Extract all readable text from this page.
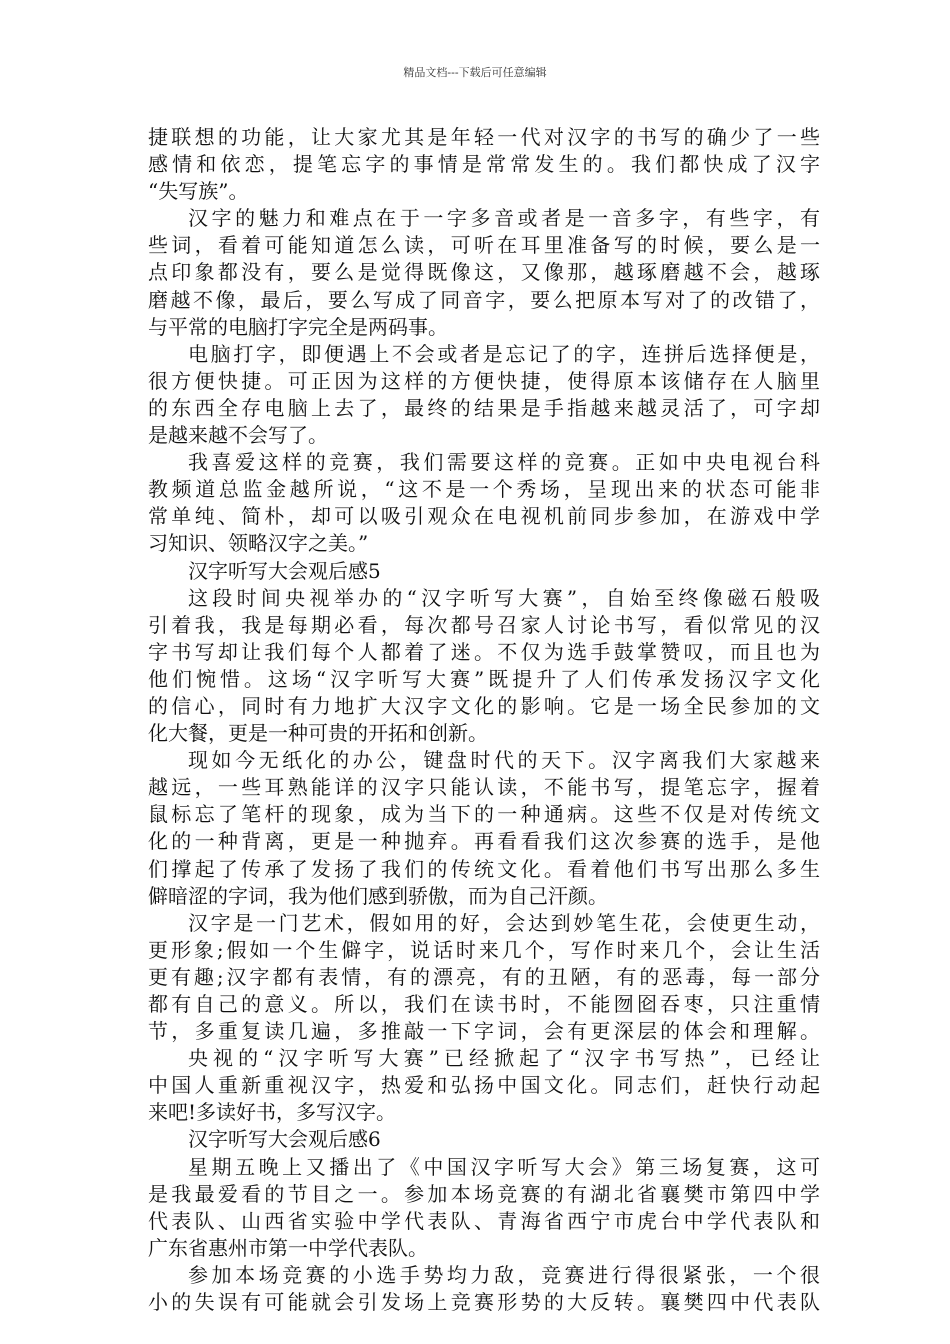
精品文档---下载后可任意编辑
捷联想的功能，让大家尤其是年轻一代对汉字的书写的确少了一些
感情和依恋，提笔忘字的事情是常常发生的。我们都快成了汉字
“失写族”。
汉字的魅力和难点在于一字多音或者是一音多字，有些字，有
些词，看着可能知道怎么读，可听在耳里准备写的时候，要么是一
点印象都没有，要么是觉得既像这，又像那，越琢磨越不会，越琢
磨越不像，最后，要么写成了同音字，要么把原本写对了的改错了，
与平常的电脑打字完全是两码事。
电脑打字，即便遇上不会或者是忘记了的字，连拼后选择便是，
很方便快捷。可正因为这样的方便快捷，使得原本该储存在人脑里
的东西全存电脑上去了，最终的结果是手指越来越灵活了，可字却
是越来越不会写了。
我喜爱这样的竞赛，我们需要这样的竞赛。正如中央电视台科
教频道总监金越所说，“这不是一个秀场，呈现出来的状态可能非
常单纯、简朴，却可以吸引观众在电视机前同步参加，在游戏中学
习知识、领略汉字之美。”
汉字听写大会观后感5
这段时间央视举办的“汉字听写大赛”，自始至终像磁石般吸
引着我，我是每期必看，每次都号召家人讨论书写，看似常见的汉
字书写却让我们每个人都着了迷。不仅为选手鼓掌赞叹，而且也为
他们惋惜。这场“汉字听写大赛”既提升了人们传承发扬汉字文化
的信心，同时有力地扩大汉字文化的影响。它是一场全民参加的文
化大餐，更是一种可贵的开拓和创新。
现如今无纸化的办公，键盘时代的天下。汉字离我们大家越来
越远，一些耳熟能详的汉字只能认读，不能书写，提笔忘字，握着
鼠标忘了笔杆的现象，成为当下的一种通病。这些不仅是对传统文
化的一种背离，更是一种抛弃。再看看我们这次参赛的选手，是他
们撑起了传承了发扬了我们的传统文化。看着他们书写出那么多生
僻暗涩的字词，我为他们感到骄傲，而为自己汗颜。
汉字是一门艺术，假如用的好，会达到妙笔生花，会使更生动，
更形象;假如一个生僻字，说话时来几个，写作时来几个，会让生活
更有趣;汉字都有表情，有的漂亮，有的丑陋，有的恶毒，每一部分
都有自己的意义。所以，我们在读书时，不能囫囵吞枣，只注重情
节，多重复读几遍，多推敲一下字词，会有更深层的体会和理解。
央视的“汉字听写大赛”已经掀起了“汉字书写热”，已经让
中国人重新重视汉字，热爱和弘扬中国文化。同志们，赶快行动起
来吧!多读好书，多写汉字。
汉字听写大会观后感6
星期五晚上又播出了《中国汉字听写大会》第三场复赛，这可
是我最爱看的节目之一。参加本场竞赛的有湖北省襄樊市第四中学
代表队、山西省实验中学代表队、青海省西宁市虎台中学代表队和
广东省惠州市第一中学代表队。
参加本场竞赛的小选手势均力敌，竞赛进行得很紧张，一个很
小的失误有可能就会引发场上竞赛形势的大反转。襄樊四中代表队
